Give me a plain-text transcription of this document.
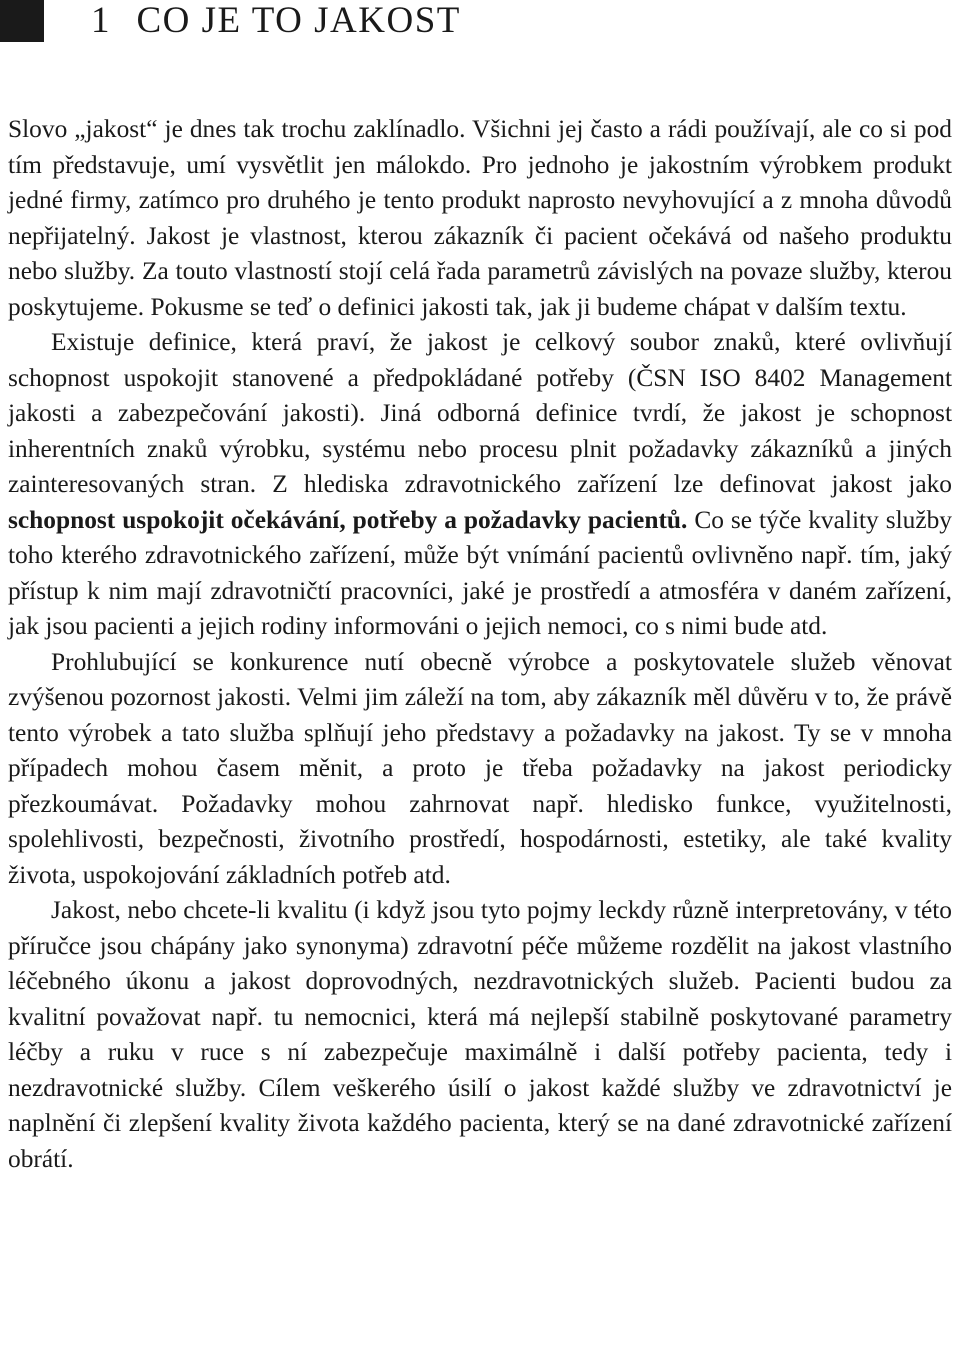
1 CO JE TO JAKOST

Slovo „jakost“ je dnes tak trochu zaklínadlo. Všichni jej často a rádi používají, ale co si pod tím představuje, umí vysvětlit jen málokdo. Pro jednoho je jakostním výrobkem produkt jedné firmy, zatímco pro druhého je tento produkt naprosto nevyhovující a z mnoha důvodů nepřijatelný. Jakost je vlastnost, kterou zákazník či pacient očekává od našeho produktu nebo služby. Za touto vlastností stojí celá řada parametrů závislých na povaze služby, kterou poskytujeme. Pokusme se teď o definici jakosti tak, jak ji budeme chápat v dalším textu.

Existuje definice, která praví, že jakost je celkový soubor znaků, které ovlivňují schopnost uspokojit stanovené a předpokládané potřeby (ČSN ISO 8402 Management jakosti a zabezpečování jakosti). Jiná odborná definice tvrdí, že jakost je schopnost inherentních znaků výrobku, systému nebo procesu plnit požadavky zákazníků a jiných zainteresovaných stran. Z hlediska zdravotnického zařízení lze definovat jakost jako schopnost uspokojit očekávání, potřeby a požadavky pacientů. Co se týče kvality služby toho kterého zdravotnického zařízení, může být vnímání pacientů ovlivněno např. tím, jaký přístup k nim mají zdravotničtí pracovníci, jaké je prostředí a atmosféra v daném zařízení, jak jsou pacienti a jejich rodiny informováni o jejich nemoci, co s nimi bude atd.

Prohlubující se konkurence nutí obecně výrobce a poskytovatele služeb věnovat zvýšenou pozornost jakosti. Velmi jim záleží na tom, aby zákazník měl důvěru v to, že právě tento výrobek a tato služba splňují jeho představy a požadavky na jakost. Ty se v mnoha případech mohou časem měnit, a proto je třeba požadavky na jakost periodicky přezkoumávat. Požadavky mohou zahrnovat např. hledisko funkce, využitelnosti, spolehlivosti, bezpečnosti, životního prostředí, hospodárnosti, estetiky, ale také kvality života, uspokojování základních potřeb atd.

Jakost, nebo chcete-li kvalitu (i když jsou tyto pojmy leckdy různě interpretovány, v této příručce jsou chápány jako synonyma) zdravotní péče můžeme rozdělit na jakost vlastního léčebného úkonu a jakost doprovodných, nezdravotnických služeb. Pacienti budou za kvalitní považovat např. tu nemocnici, která má nejlepší stabilně poskytované parametry léčby a ruku v ruce s ní zabezpečuje maximálně i další potřeby pacienta, tedy i nezdravotnické služby. Cílem veškerého úsilí o jakost každé služby ve zdravotnictví je naplnění či zlepšení kvality života každého pacienta, který se na dané zdravotnické zařízení obrátí.
